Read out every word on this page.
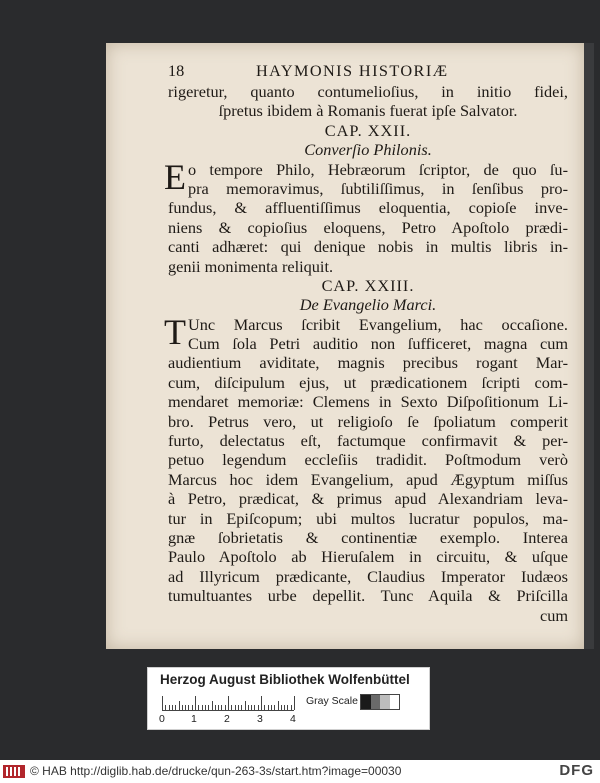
18	HAYMONIS HISTORIÆ
rigeretur, quanto contumelioſius, in initio fidei,
ſpretus ibidem à Romanis fuerat ipſe Salvator.
CAP. XXII.
Converſio Philonis.
E o tempore Philo, Hebræorum ſcriptor, de quo ſu-
pra memoravimus, ſubtiliſſimus, in ſenſibus pro-
fundus, & affluentiſſimus eloquentia, copioſe inve-
niens & copioſius eloquens, Petro Apoſtolo prædi-
canti adhæret: qui denique nobis in multis libris in-
genii monimenta reliquit.
CAP. XXIII.
De Evangelio Marci.
T Unc Marcus ſcribit Evangelium, hac occaſione.
Cum ſola Petri auditio non ſufficeret, magna cum
audientium aviditate, magnis precibus rogant Mar-
cum, diſcipulum ejus, ut prædicationem ſcripti com-
mendaret memoriæ: Clemens in Sexto Diſpoſitionum Li-
bro. Petrus vero, ut religioſo ſe ſpoliatum comperit
furto, delectatus eſt, factumque confirmavit & per-
petuo legendum eccleſiis tradidit. Poſtmodum verò
Marcus hoc idem Evangelium, apud Ægyptum miſſus
à Petro, prædicat, & primus apud Alexandriam leva-
tur in Epiſcopum; ubi multos lucratur populos, ma-
gnæ ſobrietatis & continentiæ exemplo. Interea
Paulo Apoſtolo ab Hieruſalem in circuitu, & uſque
ad Illyricum prædicante, Claudius Imperator Iudæos
tumultuantes urbe depellit. Tunc Aquila & Priſcilla
cum
Herzog August Bibliothek Wolfenbüttel
0 1	2	3	4
Gray Scale
© HAB http://diglib.hab.de/drucke/qun-263-3s/start.htm?image=00030	DFG
